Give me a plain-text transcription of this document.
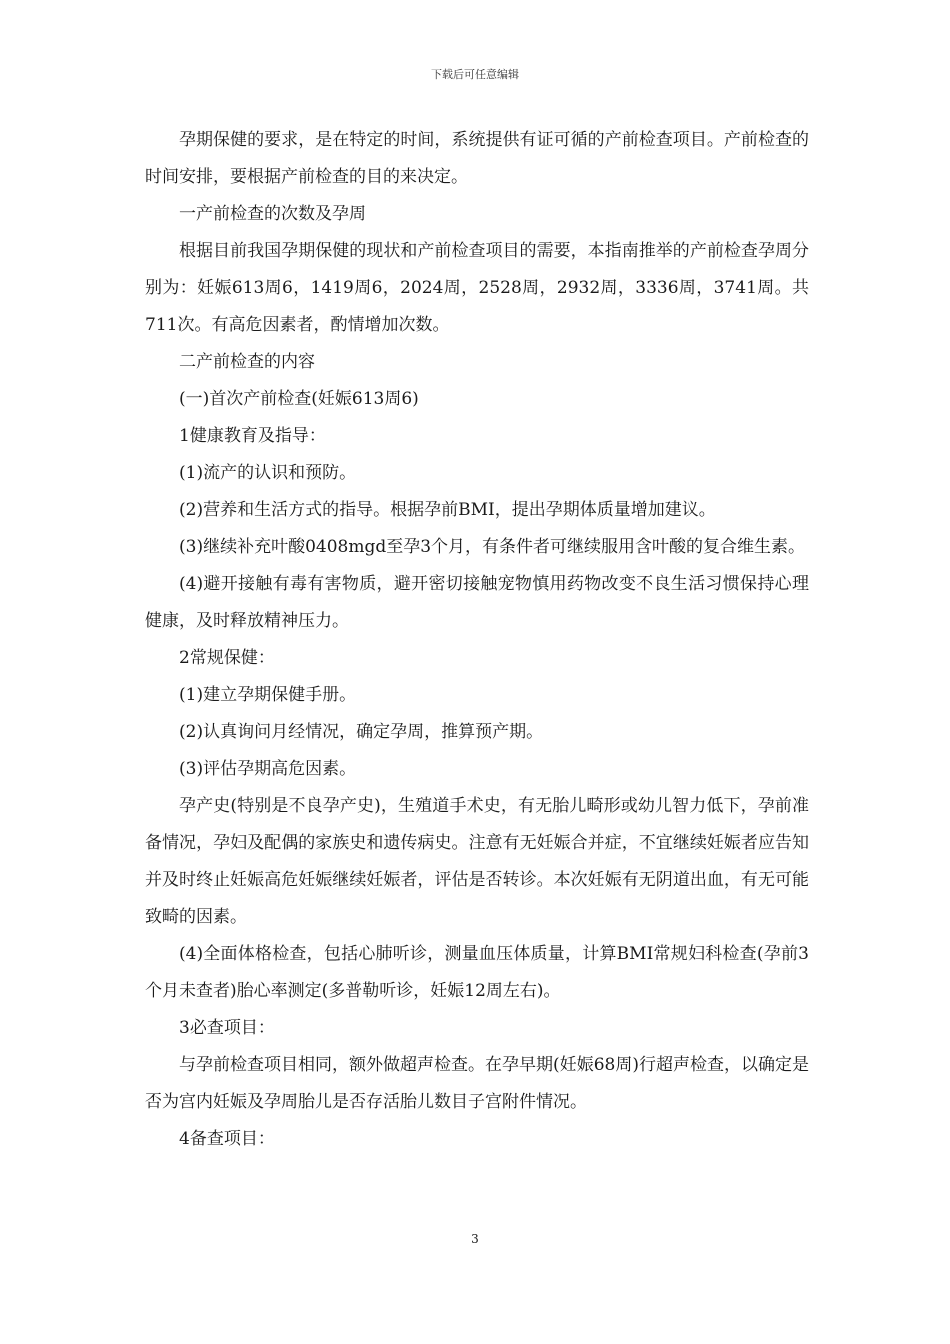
下载后可任意编辑

孕期保健的要求，是在特定的时间，系统提供有证可循的产前检查项目。产前检查的时间安排，要根据产前检查的目的来决定。

一产前检查的次数及孕周

根据目前我国孕期保健的现状和产前检查项目的需要，本指南推举的产前检查孕周分别为：妊娠613周6，1419周6，2024周，2528周，2932周，3336周，3741周。共711次。有高危因素者，酌情增加次数。

二产前检查的内容

(一)首次产前检查(妊娠613周6)

1健康教育及指导：

(1)流产的认识和预防。

(2)营养和生活方式的指导。根据孕前BMI，提出孕期体质量增加建议。

(3)继续补充叶酸0408mgd至孕3个月，有条件者可继续服用含叶酸的复合维生素。

(4)避开接触有毒有害物质，避开密切接触宠物慎用药物改变不良生活习惯保持心理健康，及时释放精神压力。

2常规保健：

(1)建立孕期保健手册。

(2)认真询问月经情况，确定孕周，推算预产期。

(3)评估孕期高危因素。

孕产史(特别是不良孕产史)，生殖道手术史，有无胎儿畸形或幼儿智力低下，孕前准备情况，孕妇及配偶的家族史和遗传病史。注意有无妊娠合并症，不宜继续妊娠者应告知并及时终止妊娠高危妊娠继续妊娠者，评估是否转诊。本次妊娠有无阴道出血，有无可能致畸的因素。

(4)全面体格检查，包括心肺听诊，测量血压体质量，计算BMI常规妇科检查(孕前3个月未查者)胎心率测定(多普勒听诊，妊娠12周左右)。

3必查项目：

与孕前检查项目相同，额外做超声检查。在孕早期(妊娠68周)行超声检查，以确定是否为宫内妊娠及孕周胎儿是否存活胎儿数目子宫附件情况。

4备查项目：

3
